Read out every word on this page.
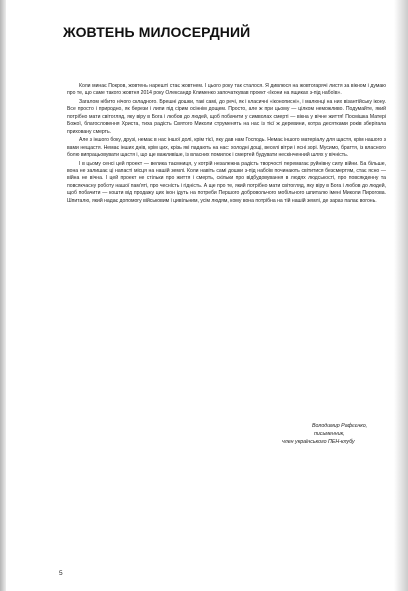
ЖОВТЕНЬ МИЛОСЕРДНИЙ

Коли минає Покров, жовтень нарешті стає жовтнем. І цього року так сталося. Я дивлюся на жовтогарячі листя за вікном і думаю про те, що саме такого жовтня 2014 року Олександр Клименко започаткував проект «Ікони на ящиках з-під набоїв».

Загалом нібито нічого складного. Брешні дошки, такі самі, до речі, як і класичні «іконописні», і малюнці на них візантійську ікону. Все просто і природно, як берези і липи під сірим осіннім дощем. Просто, але ж при цьому — цілком неможливо. Подумайте, який потрібно мати світогляд, яку віру в Бога і любов до людей, щоб побачити у символах смерті — вікна у вічне життя! Посмішка Матері Божої, благословення Христа, тиха радість Святого Миколи струменять на нас із тієї ж деревини, котра десятками років зберігала приховану смерть.

Але з іншого боку, друзі, немає в нас іншої долі, крім тієї, яку дав нам Господь. Немає іншого матеріалу для щастя, крім нашого з вами нещастя. Немає інших днів, крім цих, крізь які падають на нас: холодні дощі, веселі вітри і ясні зорі. Мусимо, браття, із власного болю випрацьовувати щастя і, що ще важливіше, із власних помилок і смертей будувати нескінченний шлях у вічність.

І в цьому сенсі цей проект — велика таємниця, у котрій незалежна радість творчості перемагає руйнівну силу війни. Ба більше, вона не залишає ці напасті місця на нашій землі. Коли навіть самі дошки з-під набоїв починають світитися безсмертям, стає ясно — війна не вічна. І цей проект не стільки про життя і смерть, скільки про відбудовування в людях людськості, про повсякденну та повсякчасну роботу нашої пам'яті, про чесність і гідність. А ще про те, який потрібно мати світогляд, яку віру в Бога і любов до людей, щоб побачити — кошти від продажу цих ікон ідуть на потреби Першого добровольчого мобільного шпиталю імені Миколи Пирогова. Шпиталю, який надає допомогу військовим і цивільним, усім людям, кому вона потрібна на тій нашій землі, де зараз палає вогонь.

Володимир Рафєєнко,
письменник,
член українського ПЕН-клубу
5
